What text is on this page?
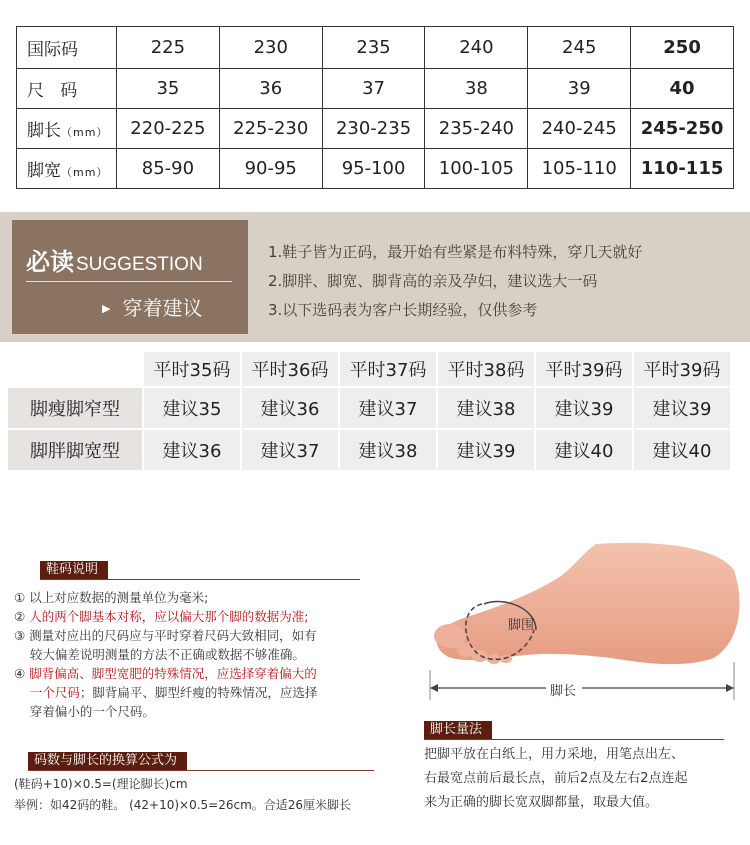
国际码	225	230	235	240	245	250
尺   码	35	36	37	38	39	40
脚长（mm）	220-225	225-230	230-235	235-240	240-245	245-250
脚宽（mm）	85-90	90-95	95-100	100-105	105-110	110-115
必读 SUGGESTION
▶ 穿着建议
1.鞋子皆为正码，最开始有些紧是布料特殊，穿几天就好
2.脚胖、脚宽、脚背高的亲及孕妇，建议选大一码
3.以下选码表为客户长期经验，仅供参考
	平时35码	平时36码	平时37码	平时38码	平时39码	平时39码
脚瘦脚窄型	建议35	建议36	建议37	建议38	建议39	建议39
脚胖脚宽型	建议36	建议37	建议38	建议39	建议40	建议40
鞋码说明

① 以上对应数据的测量单位为毫米;

② 人的两个脚基本对称，应以偏大那个脚的数据为准;

③ 测量对应出的尺码应与平时穿着尺码大致相同，如有

较大偏差说明测量的方法不正确或数据不够准确。

④ 脚背偏高、脚型宽肥的特殊情况，应选择穿着偏大的

一个尺码；脚背扁平、脚型纤瘦的特殊情况，应选择

穿着偏小的一个尺码。

码数与脚长的换算公式为
(鞋码+10)×0.5=(理论脚长)cm
举例：如42码的鞋。 (42+10)×0.5=26cm。合适26厘米脚长
脚围
脚长
脚长量法
把脚平放在白纸上，用力采地，用笔点出左、
右最宽点前后最长点，前后2点及左右2点连起
来为正确的脚长宽双脚都量，取最大值。
